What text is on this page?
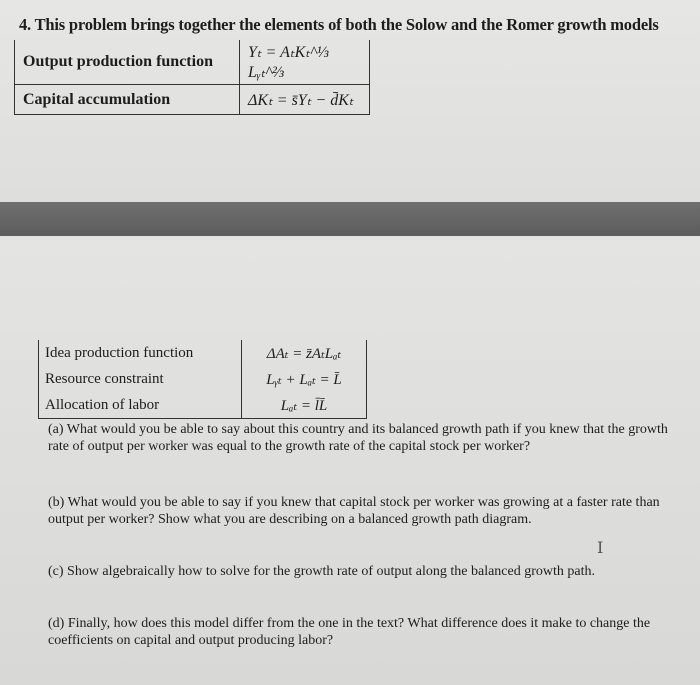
4. This problem brings together the elements of both the Solow and the Romer growth models
Output production function	Yₜ = AₜKₜ^⅓ Lᵧₜ^⅔
Capital accumulation	ΔKₜ = s̄Yₜ − d̄Kₜ
Idea production function	ΔAₜ = z̄AₜLₐₜ
Resource constraint	Lᵧₜ + Lₐₜ = L̄
Allocation of labor	Lₐₜ = l̄L̄
(a) What would you be able to say about this country and its balanced growth path if you knew that the growth rate of output per worker was equal to the growth rate of the capital stock per worker?
(b) What would you be able to say if you knew that capital stock per worker was growing at a faster rate than output per worker? Show what you are describing on a balanced growth path diagram.
(c) Show algebraically how to solve for the growth rate of output along the balanced growth path.
(d) Finally, how does this model differ from the one in the text? What difference does it make to change the coefficients on capital and output producing labor?
I
